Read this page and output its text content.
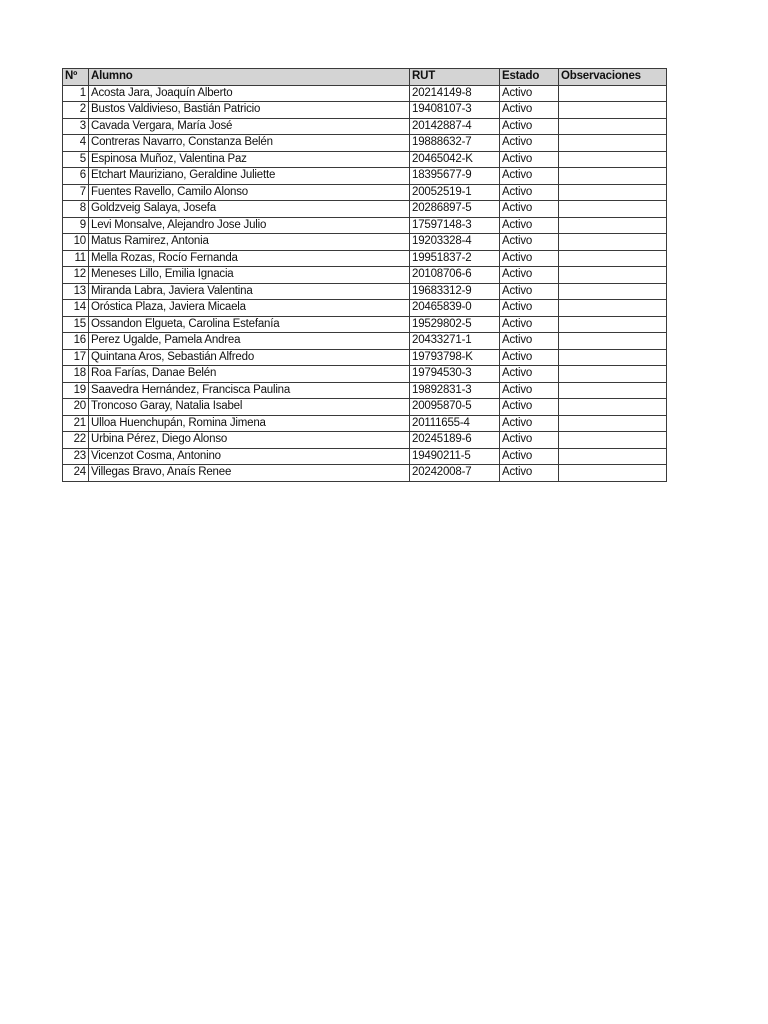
Nº	Alumno	RUT	Estado	Observaciones
1	Acosta Jara, Joaquín Alberto	20214149-8	Activo	
2	Bustos Valdivieso, Bastián Patricio	19408107-3	Activo	
3	Cavada Vergara, María José	20142887-4	Activo	
4	Contreras Navarro, Constanza Belén	19888632-7	Activo	
5	Espinosa Muñoz, Valentina Paz	20465042-K	Activo	
6	Etchart Mauriziano, Geraldine Juliette	18395677-9	Activo	
7	Fuentes Ravello, Camilo Alonso	20052519-1	Activo	
8	Goldzveig Salaya, Josefa	20286897-5	Activo	
9	Levi Monsalve, Alejandro Jose Julio	17597148-3	Activo	
10	Matus Ramirez, Antonia	19203328-4	Activo	
11	Mella Rozas, Rocío Fernanda	19951837-2	Activo	
12	Meneses Lillo, Emilia Ignacia	20108706-6	Activo	
13	Miranda Labra, Javiera Valentina	19683312-9	Activo	
14	Oróstica Plaza, Javiera Micaela	20465839-0	Activo	
15	Ossandon Elgueta, Carolina Estefanía	19529802-5	Activo	
16	Perez Ugalde, Pamela Andrea	20433271-1	Activo	
17	Quintana Aros, Sebastián Alfredo	19793798-K	Activo	
18	Roa Farías, Danae Belén	19794530-3	Activo	
19	Saavedra Hernández, Francisca Paulina	19892831-3	Activo	
20	Troncoso Garay, Natalia Isabel	20095870-5	Activo	
21	Ulloa Huenchupán, Romina Jimena	20111655-4	Activo	
22	Urbina Pérez, Diego Alonso	20245189-6	Activo	
23	Vicenzot Cosma, Antonino	19490211-5	Activo	
24	Villegas Bravo, Anaís Renee	20242008-7	Activo	
